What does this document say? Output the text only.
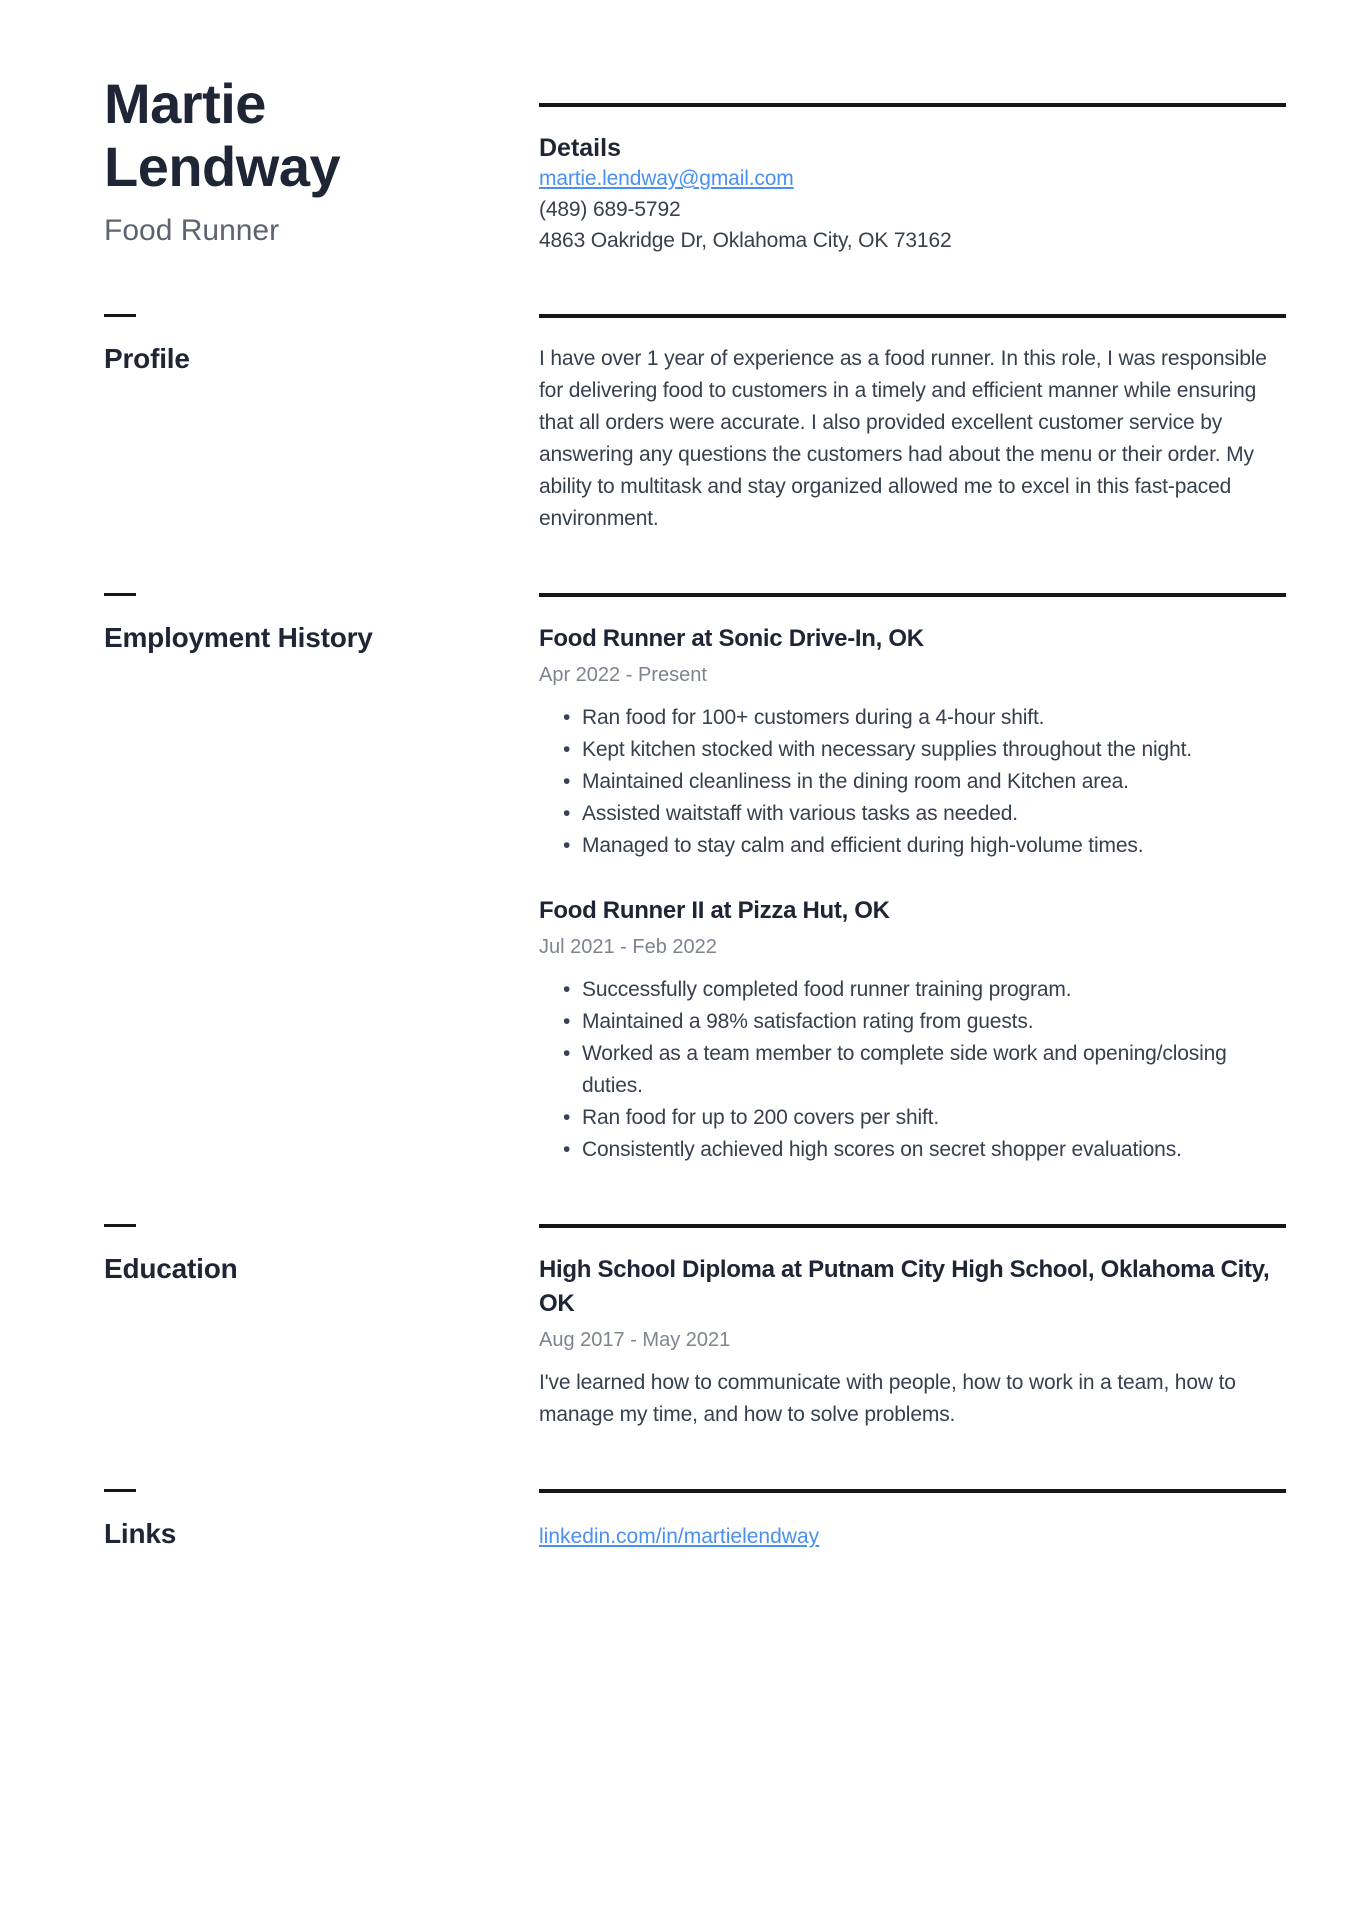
Martie Lendway
Food Runner
Details
martie.lendway@gmail.com
(489) 689-5792
4863 Oakridge Dr, Oklahoma City, OK 73162
Profile	I have over 1 year of experience as a food runner. In this role, I was responsible for delivering food to customers in a timely and efficient manner while ensuring that all orders were accurate. I also provided excellent customer service by answering any questions the customers had about the menu or their order. My ability to multitask and stay organized allowed me to excel in this fast-paced environment.

Employment History	Food Runner at Sonic Drive-In, OK
Apr 2022 - Present
• Ran food for 100+ customers during a 4-hour shift.
• Kept kitchen stocked with necessary supplies throughout the night.
• Maintained cleanliness in the dining room and Kitchen area.
• Assisted waitstaff with various tasks as needed.
• Managed to stay calm and efficient during high-volume times.
Food Runner II at Pizza Hut, OK
Jul 2021 - Feb 2022
• Successfully completed food runner training program.
• Maintained a 98% satisfaction rating from guests.
• Worked as a team member to complete side work and opening/closing duties.
• Ran food for up to 200 covers per shift.
• Consistently achieved high scores on secret shopper evaluations.
Education	High School Diploma at Putnam City High School, Oklahoma City, OK
Aug 2017 - May 2021

I've learned how to communicate with people, how to work in a team, how to manage my time, and how to solve problems.

Links	linkedin.com/in/martielendway
